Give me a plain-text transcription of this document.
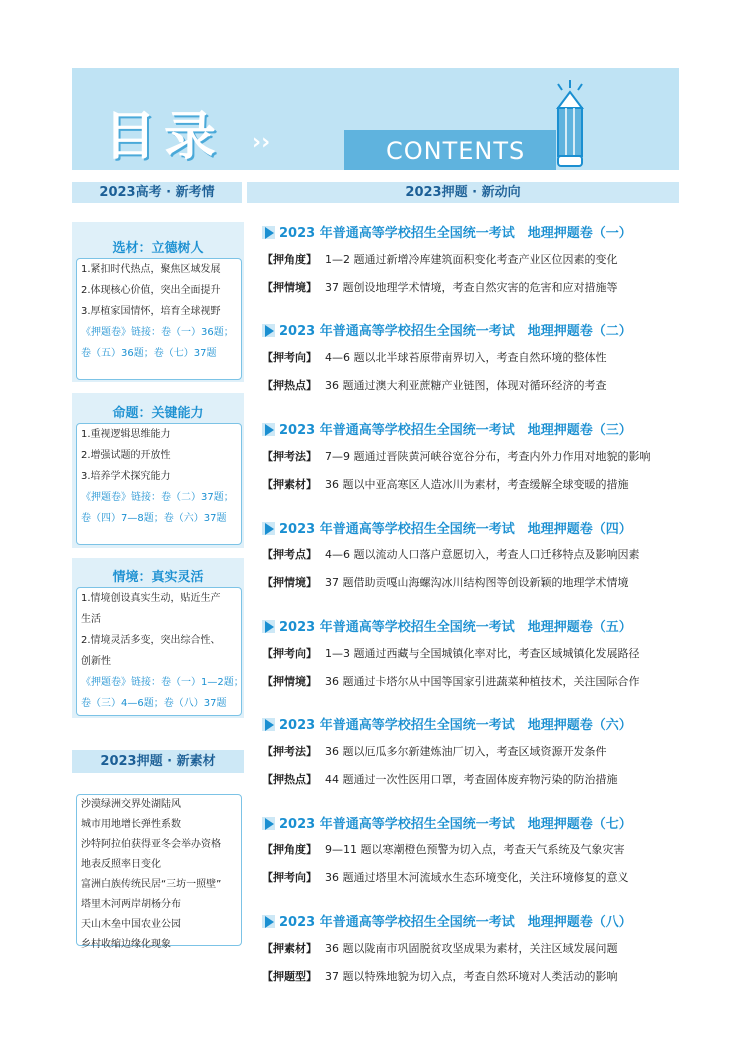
目录 ››	CONTENTS
2023高考 · 新考情	2023押题 · 新动向
选材：立德树人
1.紧扣时代热点，聚焦区域发展
2.体现核心价值，突出全面提升
3.厚植家国情怀，培育全球视野
《押题卷》链接：卷（一）36题；
卷（五）36题；卷（七）37题
命题：关键能力
1.重视逻辑思维能力
2.增强试题的开放性
3.培养学术探究能力
《押题卷》链接：卷（二）37题；
卷（四）7—8题；卷（六）37题
情境：真实灵活
1.情境创设真实生动，贴近生产
生活
2.情境灵活多变，突出综合性、
创新性
《押题卷》链接：卷（一）1—2题；
卷（三）4—6题；卷（八）37题
2023押题 · 新素材
沙漠绿洲交界处湖陆风
城市用地增长弹性系数
沙特阿拉伯获得亚冬会举办资格
地表反照率日变化
富洲白族传统民居“三坊一照壁”
塔里木河两岸胡杨分布
天山木垒中国农业公园
乡村收缩边缘化现象
2023 年普通高等学校招生全国统一考试　地理押题卷（一）
【押角度】 1—2 题通过新增冷库建筑面积变化考查产业区位因素的变化
【押情境】 37 题创设地理学术情境，考查自然灾害的危害和应对措施等
2023 年普通高等学校招生全国统一考试　地理押题卷（二）
【押考向】 4—6 题以北半球苔原带南界切入，考查自然环境的整体性
【押热点】 36 题通过澳大利亚蔗糖产业链图，体现对循环经济的考查
2023 年普通高等学校招生全国统一考试　地理押题卷（三）
【押考法】 7—9 题通过晋陕黄河峡谷宽谷分布，考查内外力作用对地貌的影响
【押素材】 36 题以中亚高寒区人造冰川为素材，考查缓解全球变暖的措施
2023 年普通高等学校招生全国统一考试　地理押题卷（四）
【押考点】 4—6 题以流动人口落户意愿切入，考查人口迁移特点及影响因素
【押情境】 37 题借助贡嘎山海螺沟冰川结构图等创设新颖的地理学术情境
2023 年普通高等学校招生全国统一考试　地理押题卷（五）
【押考向】 1—3 题通过西藏与全国城镇化率对比，考查区域城镇化发展路径
【押情境】 36 题通过卡塔尔从中国等国家引进蔬菜种植技术，关注国际合作
2023 年普通高等学校招生全国统一考试　地理押题卷（六）
【押考法】 36 题以厄瓜多尔新建炼油厂切入，考查区域资源开发条件
【押热点】 44 题通过一次性医用口罩，考查固体废弃物污染的防治措施
2023 年普通高等学校招生全国统一考试　地理押题卷（七）
【押角度】 9—11 题以寒潮橙色预警为切入点，考查天气系统及气象灾害
【押考向】 36 题通过塔里木河流域水生态环境变化，关注环境修复的意义
2023 年普通高等学校招生全国统一考试　地理押题卷（八）
【押素材】 36 题以陇南市巩固脱贫攻坚成果为素材，关注区域发展问题
【押题型】 37 题以特殊地貌为切入点，考查自然环境对人类活动的影响
